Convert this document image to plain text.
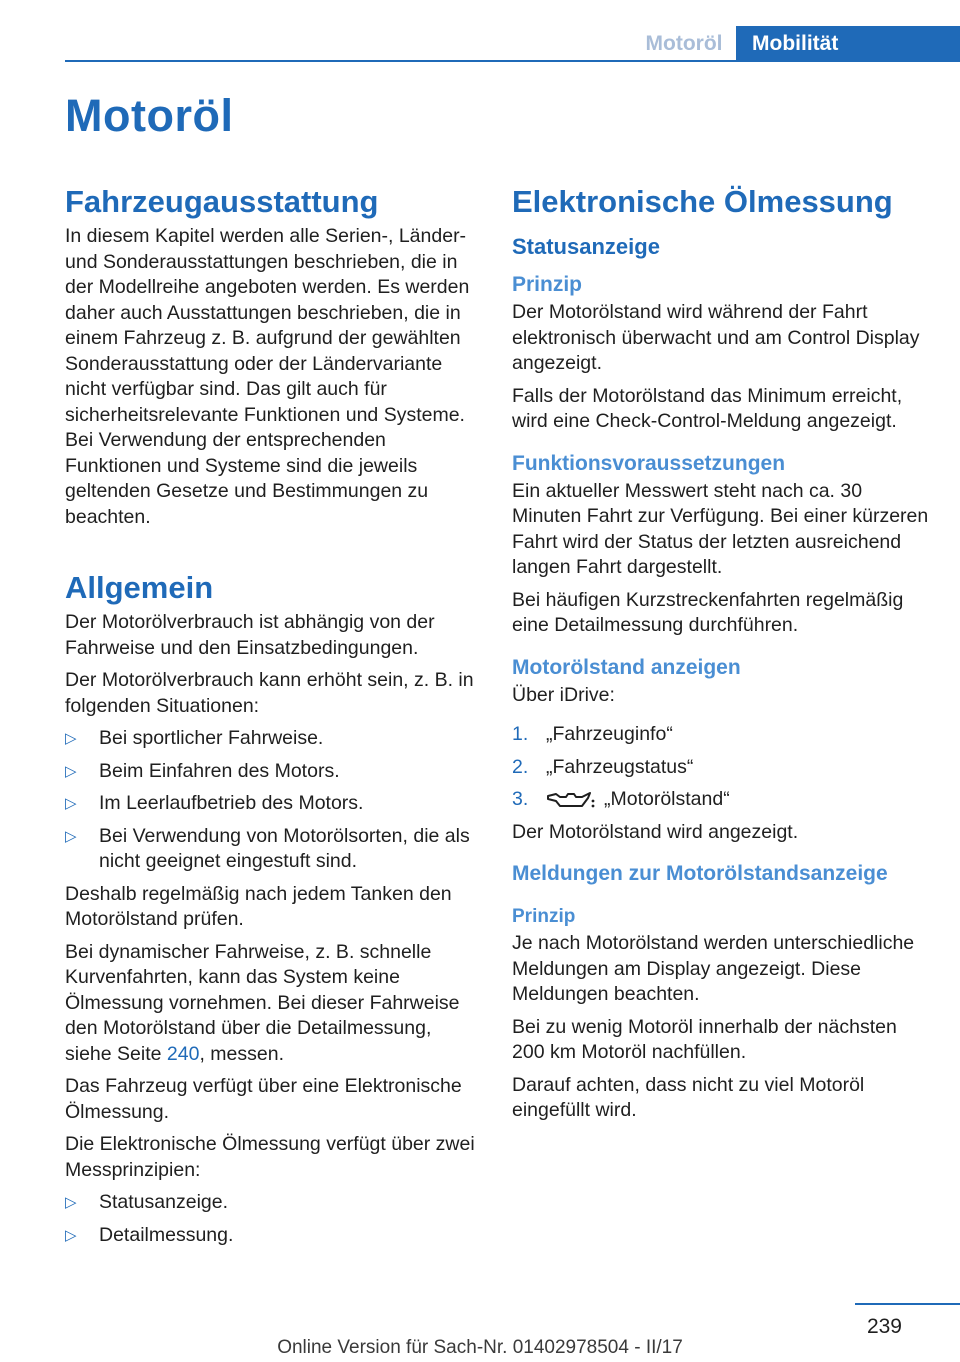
Motoröl	Mobilität
Motoröl
Fahrzeugausstattung

In diesem Kapitel werden alle Serien-, Länder- und Sonderausstattungen beschrieben, die in der Modellreihe angeboten werden. Es werden daher auch Ausstattungen beschrieben, die in einem Fahrzeug z. B. aufgrund der gewählten Sonderausstattung oder der Ländervariante nicht verfügbar sind. Das gilt auch für sicherheitsrelevante Funktionen und Systeme. Bei Verwendung der entsprechenden Funktionen und Systeme sind die jeweils geltenden Gesetze und Bestimmungen zu beachten.

Allgemein

Der Motorölverbrauch ist abhängig von der Fahrweise und den Einsatzbedingungen.

Der Motorölverbrauch kann erhöht sein, z. B. in folgenden Situationen:

▷ Bei sportlicher Fahrweise.
▷ Beim Einfahren des Motors.
▷ Im Leerlaufbetrieb des Motors.
▷ Bei Verwendung von Motorölsorten, die als nicht geeignet eingestuft sind.

Deshalb regelmäßig nach jedem Tanken den Motorölstand prüfen.

Bei dynamischer Fahrweise, z. B. schnelle Kurvenfahrten, kann das System keine Ölmessung vornehmen. Bei dieser Fahrweise den Motorölstand über die Detailmessung, siehe Seite 240, messen.

Das Fahrzeug verfügt über eine Elektronische Ölmessung.

Die Elektronische Ölmessung verfügt über zwei Messprinzipien:

▷ Statusanzeige.
▷ Detailmessung.
Elektronische Ölmessung
Statusanzeige
Prinzip

Der Motorölstand wird während der Fahrt elektronisch überwacht und am Control Display angezeigt.

Falls der Motorölstand das Minimum erreicht, wird eine Check-Control-Meldung angezeigt.

Funktionsvoraussetzungen

Ein aktueller Messwert steht nach ca. 30 Minuten Fahrt zur Verfügung. Bei einer kürzeren Fahrt wird der Status der letzten ausreichend langen Fahrt dargestellt.

Bei häufigen Kurzstreckenfahrten regelmäßig eine Detailmessung durchführen.

Motorölstand anzeigen

Über iDrive:

1. „Fahrzeuginfo“
2. „Fahrzeugstatus“
3.	„Motorölstand“

Der Motorölstand wird angezeigt.

Meldungen zur Motorölstandsanzeige
Prinzip

Je nach Motorölstand werden unterschiedliche Meldungen am Display angezeigt. Diese Meldungen beachten.

Bei zu wenig Motoröl innerhalb der nächsten 200 km Motoröl nachfüllen.

Darauf achten, dass nicht zu viel Motoröl eingefüllt wird.

239
Online Version für Sach-Nr. 01402978504 - II/17
